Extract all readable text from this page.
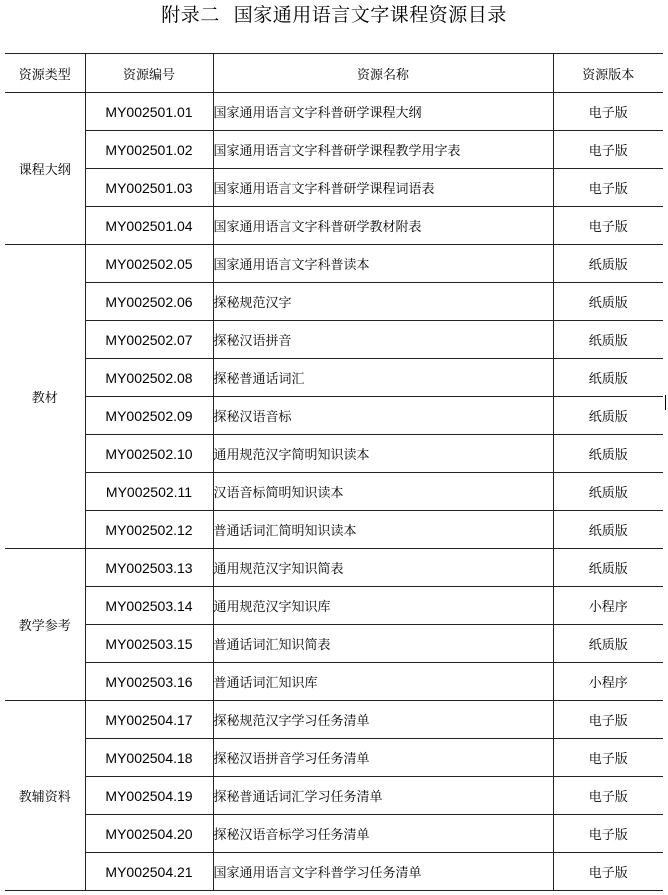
附录二 国家通用语言文字课程资源目录
资源类型	资源编号	资源名称	资源版本
课程大纲	MY002501.01	国家通用语言文字科普研学课程大纲	电子版
	MY002501.02	国家通用语言文字科普研学课程教学用字表	电子版
	MY002501.03	国家通用语言文字科普研学课程词语表	电子版
	MY002501.04	国家通用语言文字科普研学教材附表	电子版
教材	MY002502.05	国家通用语言文字科普读本	纸质版
	MY002502.06	探秘规范汉字	纸质版
	MY002502.07	探秘汉语拼音	纸质版
	MY002502.08	探秘普通话词汇	纸质版
	MY002502.09	探秘汉语音标	纸质版
	MY002502.10	通用规范汉字简明知识读本	纸质版
	MY002502.11	汉语音标简明知识读本	纸质版
	MY002502.12	普通话词汇简明知识读本	纸质版
教学参考	MY002503.13	通用规范汉字知识简表	纸质版
	MY002503.14	通用规范汉字知识库	小程序
	MY002503.15	普通话词汇知识简表	纸质版
	MY002503.16	普通话词汇知识库	小程序
教辅资料	MY002504.17	探秘规范汉字学习任务清单	电子版
	MY002504.18	探秘汉语拼音学习任务清单	电子版
	MY002504.19	探秘普通话词汇学习任务清单	电子版
	MY002504.20	探秘汉语音标学习任务清单	电子版
	MY002504.21	国家通用语言文字科普学习任务清单	电子版
